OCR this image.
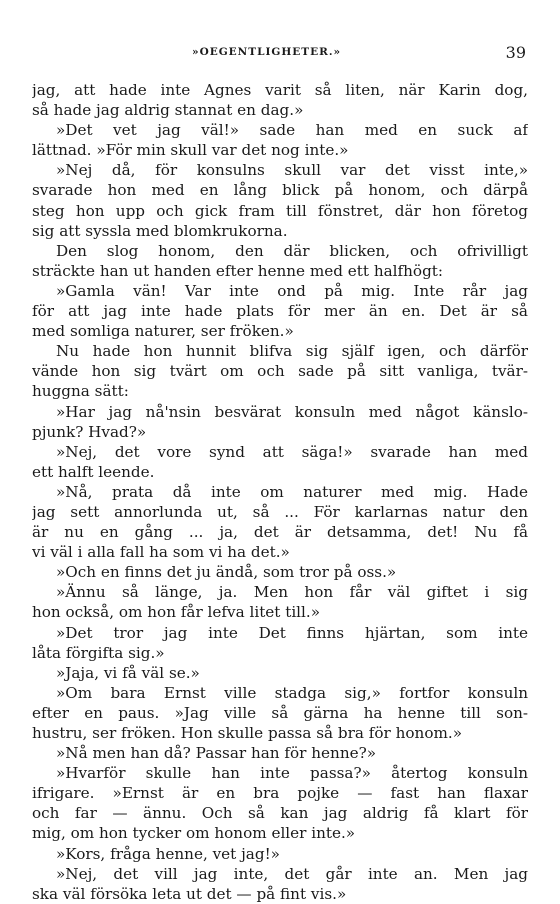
»OEGENTLIGHETER.»	39
jag, att hade inte Agnes varit så liten, när Karin dog,
så hade jag aldrig stannat en dag.»
»Det vet jag väl!» sade han med en suck af
lättnad. »För min skull var det nog inte.»
»Nej då, för konsulns skull var det visst inte,»
svarade hon med en lång blick på honom, och därpå
steg hon upp och gick fram till fönstret, där hon företog
sig att syssla med blomkrukorna.
Den slog honom, den där blicken, och ofrivilligt
sträckte han ut handen efter henne med ett halfhögt:
»Gamla vän! Var inte ond på mig. Inte rår jag
för att jag inte hade plats för mer än en. Det är så
med somliga naturer, ser fröken.»
Nu hade hon hunnit blifva sig själf igen, och därför
vände hon sig tvärt om och sade på sitt vanliga, tvär-
huggna sätt:
»Har jag nå'nsin besvärat konsuln med något känslo-
pjunk? Hvad?»
»Nej, det vore synd att säga!» svarade han med
ett halft leende.
»Nå, prata då inte om naturer med mig. Hade
jag sett annorlunda ut, så ... För karlarnas natur den
är nu en gång ... ja, det är detsamma, det! Nu få
vi väl i alla fall ha som vi ha det.»
»Och en finns det ju ändå, som tror på oss.»
»Ännu så länge, ja. Men hon får väl giftet i sig
hon också, om hon får lefva litet till.»
»Det tror jag inte Det finns hjärtan, som inte
låta förgifta sig.»
»Jaja, vi få väl se.»
»Om bara Ernst ville stadga sig,» fortfor konsuln
efter en paus. »Jag ville så gärna ha henne till son-
hustru, ser fröken. Hon skulle passa så bra för honom.»
»Nå men han då? Passar han för henne?»
»Hvarför skulle han inte passa?» återtog konsuln
ifrigare. »Ernst är en bra pojke — fast han flaxar
och far — ännu. Och så kan jag aldrig få klart för
mig, om hon tycker om honom eller inte.»
»Kors, fråga henne, vet jag!»
»Nej, det vill jag inte, det går inte an. Men jag
ska väl försöka leta ut det — på fint vis.»
